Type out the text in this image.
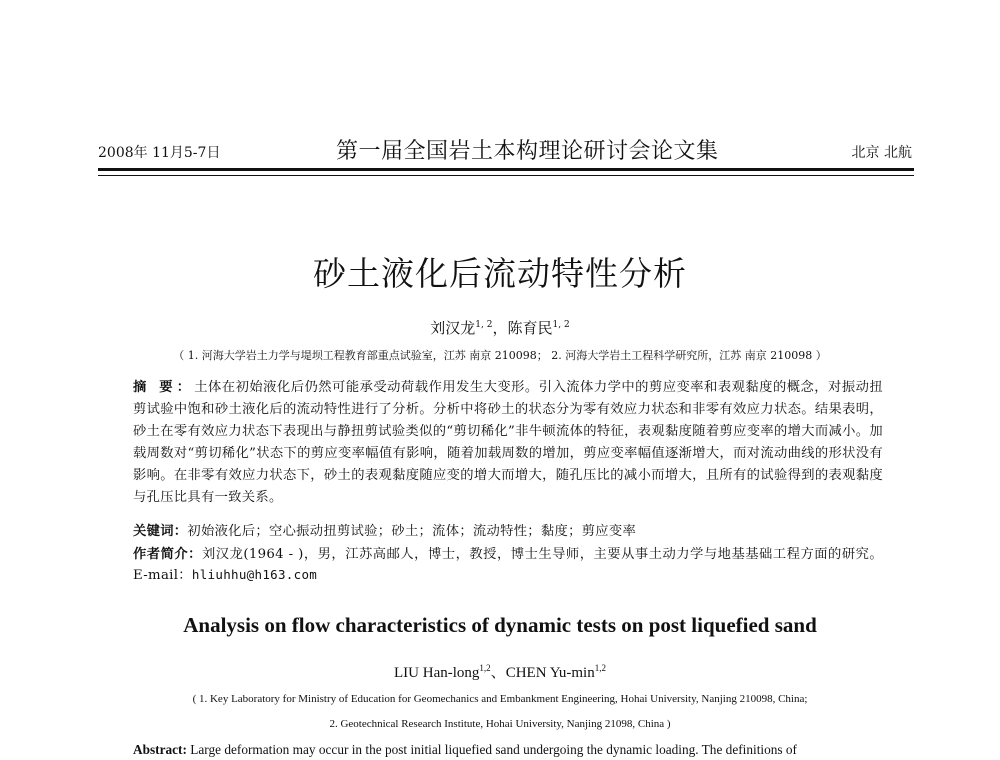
2008年 11月5-7日	第一届全国岩土本构理论研讨会论文集	北京 北航
砂土液化后流动特性分析
刘汉龙$^{1, 2}$，陈育民$^{1, 2}$
（ 1. 河海大学岩土力学与堤坝工程教育部重点试验室，江苏 南京 210098； 2. 河海大学岩土工程科学研究所，江苏 南京 210098 ）
摘 要：土体在初始液化后仍然可能承受动荷载作用发生大变形。引入流体力学中的剪应变率和表观黏度的概念，对振动扭剪试验中饱和砂土液化后的流动特性进行了分析。分析中将砂土的状态分为零有效应力状态和非零有效应力状态。结果表明，砂土在零有效应力状态下表现出与静扭剪试验类似的“剪切稀化”非牛顿流体的特征，表观黏度随着剪应变率的增大而减小。加载周数对“剪切稀化”状态下的剪应变率幅值有影响，随着加载周数的增加，剪应变率幅值逐渐增大，而对流动曲线的形状没有影响。在非零有效应力状态下，砂土的表观黏度随应变的增大而增大，随孔压比的减小而增大，且所有的试验得到的表观黏度与孔压比具有一致关系。
关键词：初始液化后；空心振动扭剪试验；砂土；流体；流动特性；黏度；剪应变率
作者简介：刘汉龙(1964 - )，男，江苏高邮人，博士，教授，博士生导师，主要从事土动力学与地基基础工程方面的研究。E-mail：hliuhhu@h163.com
Analysis on flow characteristics of dynamic tests on post liquefied sand
LIU Han-long$^{1,2}$、CHEN $Yu-\min^{1,2}$
( 1. Key Laboratory for Ministry of Education for Geomechanics and Embankment Engineering, Hohai University, Nanjing 210098, China;
2. Geotechnical Research Institute, Hohai University, Nanjing 21098, China )
Abstract: Large deformation may occur in the post initial liquefied sand undergoing the dynamic loading. The definitions of
